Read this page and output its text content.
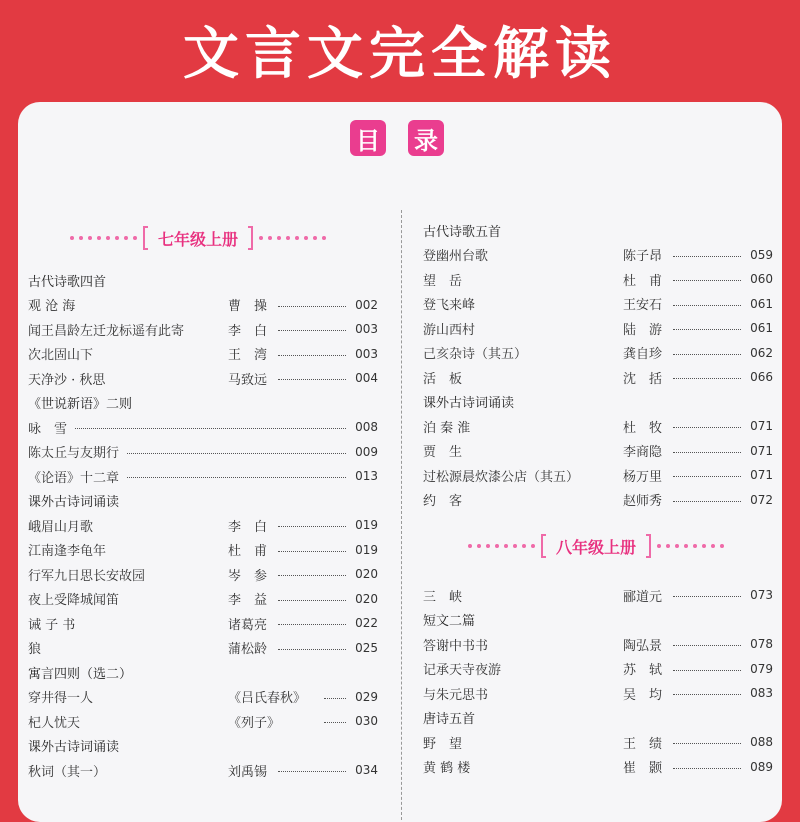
文言文完全解读
目 录
七年级上册
古代诗歌四首
观 沧 海	曹　操	002
闻王昌龄左迁龙标遥有此寄	李　白	003
次北固山下	王　湾	003
天净沙 · 秋思	马致远	004
《世说新语》二则
咏　雪	008
陈太丘与友期行	009
《论语》十二章	013
课外古诗词诵读
峨眉山月歌	李　白	019
江南逢李龟年	杜　甫	019
行军九日思长安故园	岑　参	020
夜上受降城闻笛	李　益	020
诫 子 书	诸葛亮	022
狼	蒲松龄	025
寓言四则（选二）
穿井得一人	《吕氏春秋》	029
杞人忧天	《列子》	030
课外古诗词诵读
秋词（其一）	刘禹锡	034
古代诗歌五首
登幽州台歌	陈子昂	059
望　岳	杜　甫	060
登飞来峰	王安石	061
游山西村	陆　游	061
己亥杂诗（其五）	龚自珍	062
活　板	沈　括	066
课外古诗词诵读
泊 秦 淮	杜　牧	071
贾　生	李商隐	071
过松源晨炊漆公店（其五）	杨万里	071
约　客	赵师秀	072
八年级上册
三　峡	郦道元	073
短文二篇
答谢中书书	陶弘景	078
记承天寺夜游	苏　轼	079
与朱元思书	吴　均	083
唐诗五首
野　望	王　绩	088
黄 鹤 楼	崔　颢	089
